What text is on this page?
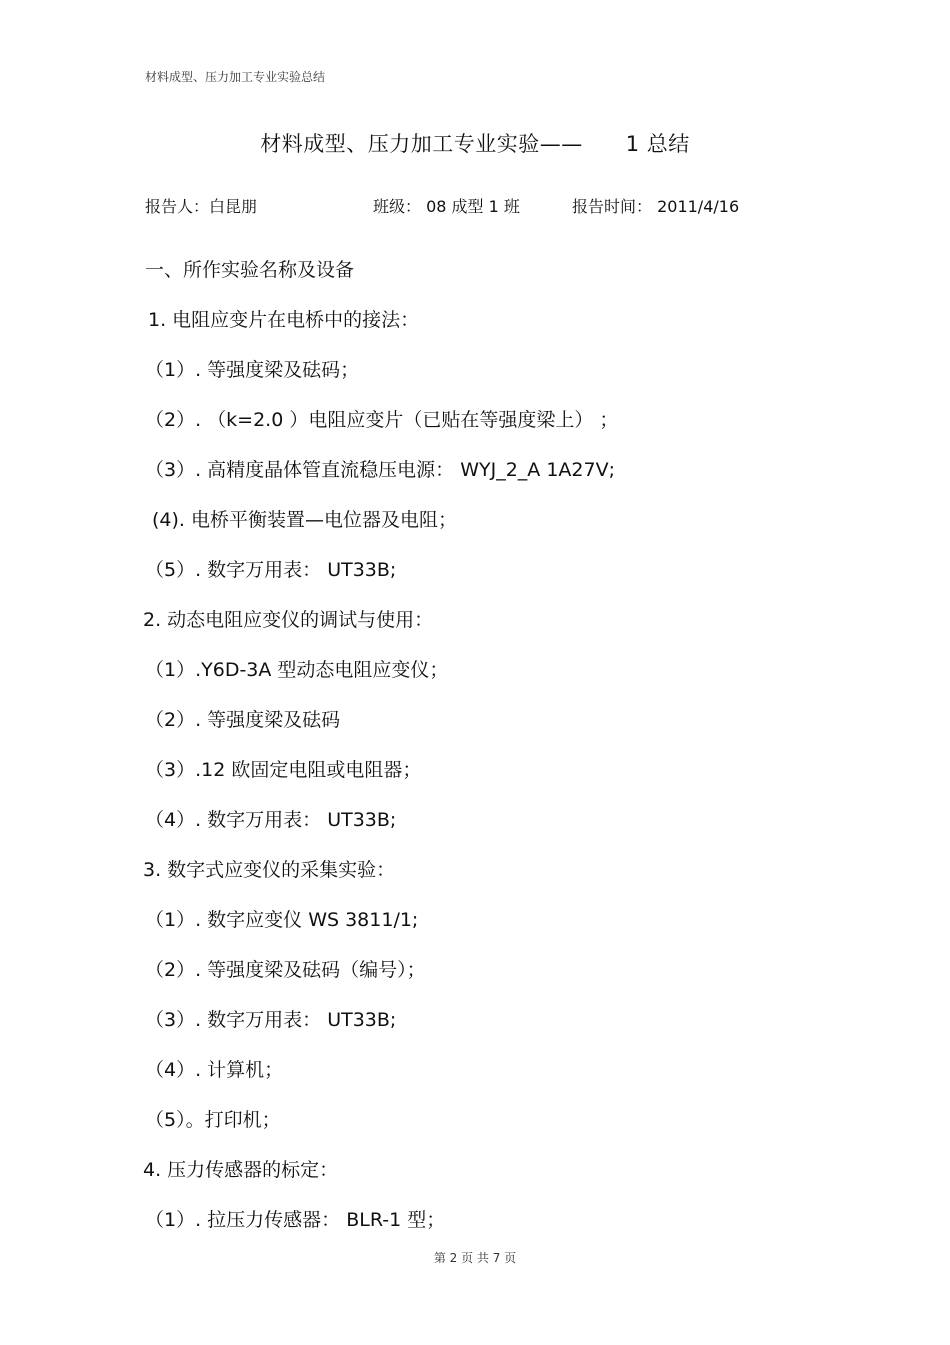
材料成型、压力加工专业实验总结
材料成型、压力加工专业实验——　　1 总结
报告人：白昆朋	班级： 08 成型 1 班	报告时间： 2011/4/16
一、所作实验名称及设备
1. 电阻应变片在电桥中的接法：
（1）. 等强度梁及砝码；
（2）. （k=2.0 ）电阻应变片（已贴在等强度梁上） ；
（3）. 高精度晶体管直流稳压电源： WYJ_2_A 1A27V;
(4). 电桥平衡装置—电位器及电阻；
（5）. 数字万用表： UT33B;
2. 动态电阻应变仪的调试与使用：
（1）.Y6D-3A 型动态电阻应变仪；
（2）. 等强度梁及砝码
（3）.12 欧固定电阻或电阻器；
（4）. 数字万用表： UT33B;
3. 数字式应变仪的采集实验：
（1）. 数字应变仪 WS 3811/1;
（2）. 等强度梁及砝码（编号）；
（3）. 数字万用表： UT33B;
（4）. 计算机；
（5）。打印机；
4. 压力传感器的标定：
（1）. 拉压力传感器： BLR-1 型；
第 2 页 共 7 页
